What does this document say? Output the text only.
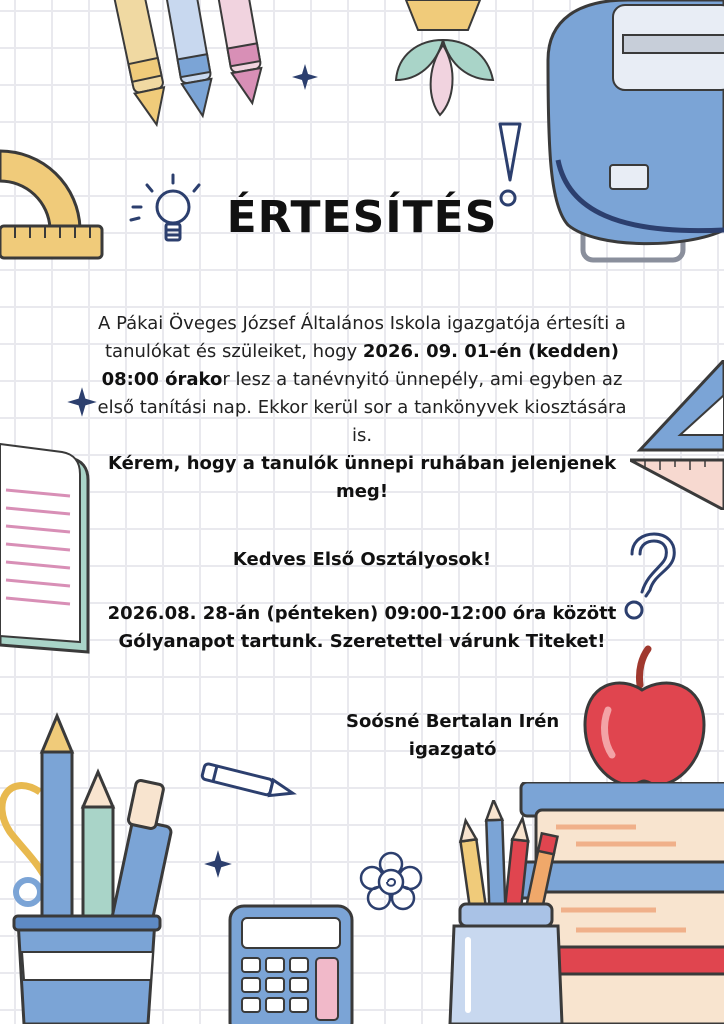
ÉRTESÍTÉS
A Pákai Öveges József Általános Iskola igazgatója értesíti a tanulókat és szüleiket, hogy 2026. 09. 01-én (kedden) 08:00 órakor lesz a tanévnyitó ünnepély, ami egyben az első tanítási nap. Ekkor kerül sor a tankönyvek kiosztására is.
Kérem, hogy a tanulók ünnepi ruhában jelenjenek meg!
Kedves Első Osztályosok!
2026.08. 28-án (pénteken) 09:00-12:00 óra között
Gólyanapot tartunk. Szeretettel várunk Titeket!
Soósné Bertalan Irén
igazgató
